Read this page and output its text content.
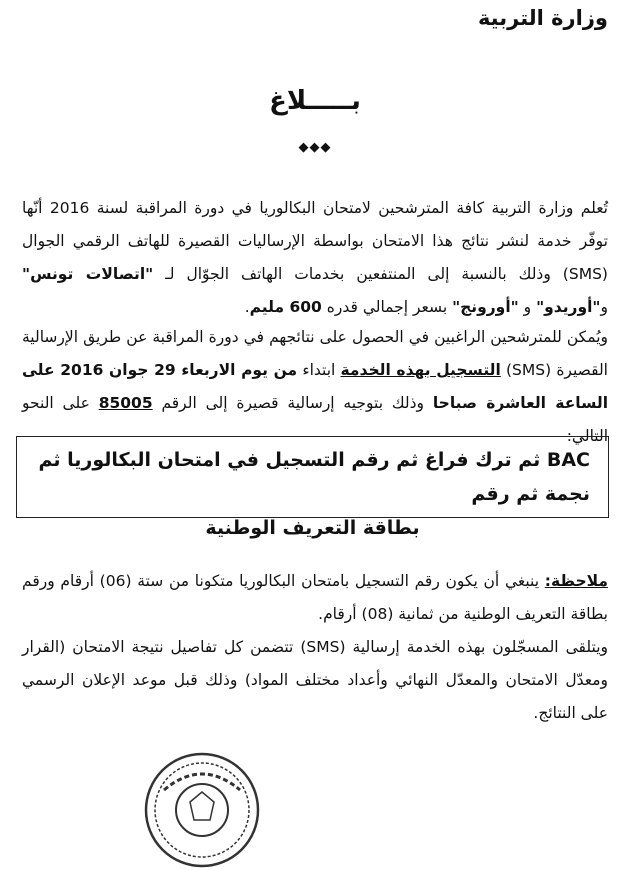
وزارة التربية
بـــــلاغ
◆◆◆

تُعلم وزارة التربية كافة المترشحين لامتحان البكالوريا في دورة المراقبة لسنة 2016 أنّها توفّر خدمة لنشر نتائج هذا الامتحان بواسطة الإرساليات القصيرة للهاتف الرقمي الجوال (SMS) وذلك بالنسبة إلى المنتفعين بخدمات الهاتف الجوّال لـ "اتصالات تونس" و"أوريدو" و "أورونج" بسعر إجمالي قدره 600 مليم.

ويُمكن للمترشحين الراغبين في الحصول على نتائجهم في دورة المراقبة عن طريق الإرسالية القصيرة (SMS) التسجيل بهذه الخدمة ابتداء من يوم الاربعاء 29 جوان 2016 على الساعة العاشرة صباحا وذلك بتوجيه إرسالية قصيرة إلى الرقم 85005 على النحو التالي:

BAC ثم ترك فراغ ثم رقم التسجيل في امتحان البكالوريا ثم نجمة ثم رقم
بطاقة التعريف الوطنية

ملاحظة: ينبغي أن يكون رقم التسجيل بامتحان البكالوريا متكونا من ستة (06) أرقام ورقم بطاقة التعريف الوطنية من ثمانية (08) أرقام.

ويتلقى المسجّلون بهذه الخدمة إرسالية (SMS) تتضمن كل تفاصيل نتيجة الامتحان (القرار ومعدّل الامتحان والمعدّل النهائي وأعداد مختلف المواد) وذلك قبل موعد الإعلان الرسمي على النتائج.
